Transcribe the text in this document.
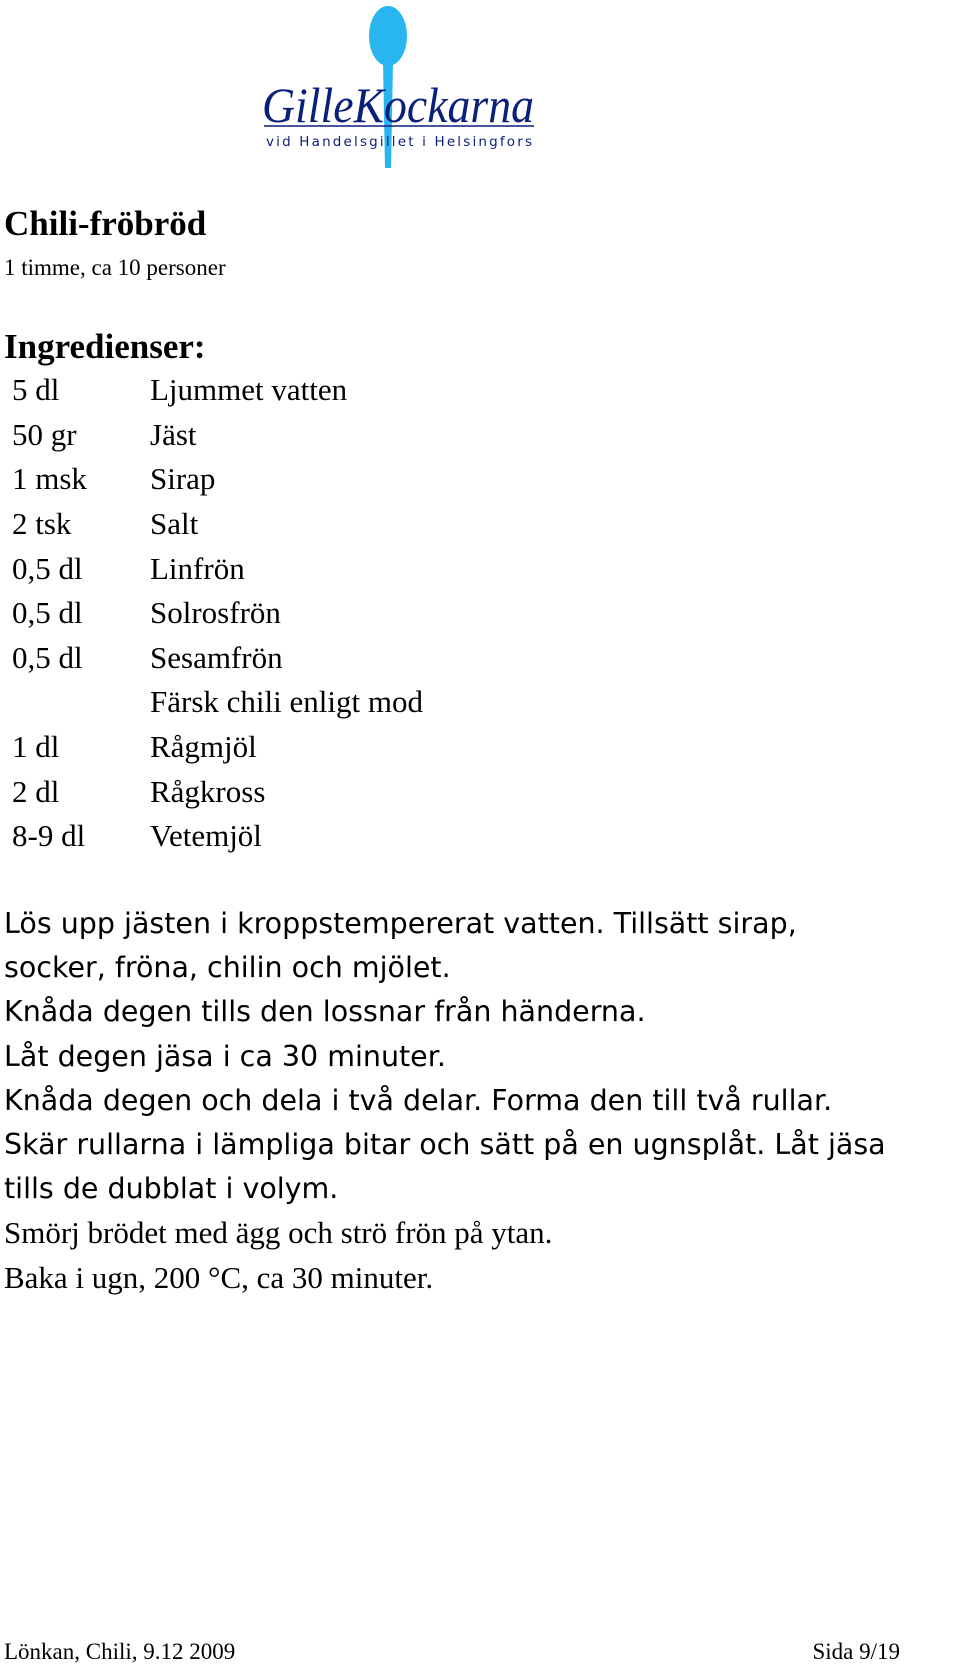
GilleKockarna
vid Handelsgillet i Helsingfors
Chili-fröbröd
1 timme, ca 10 personer
Ingredienser:
5 dl	Ljummet vatten
50 gr	Jäst
1 msk	Sirap
2 tsk	Salt
0,5 dl	Linfrön
0,5 dl	Solrosfrön
0,5 dl	Sesamfrön
Färsk chili enligt mod
1 dl	Rågmjöl
2 dl	Rågkross
8-9 dl	Vetemjöl
Lös upp jästen i kroppstempererat vatten. Tillsätt sirap,
socker, fröna, chilin och mjölet.
Knåda degen tills den lossnar från händerna.
Låt degen jäsa i ca 30 minuter.
Knåda degen och dela i två delar. Forma den till två rullar.
Skär rullarna i lämpliga bitar och sätt på en ugnsplåt. Låt jäsa
tills de dubblat i volym.
Smörj brödet med ägg och strö frön på ytan.
Baka i ugn, 200 °C, ca 30 minuter.
Lönkan, Chili, 9.12 2009	Sida 9/19
